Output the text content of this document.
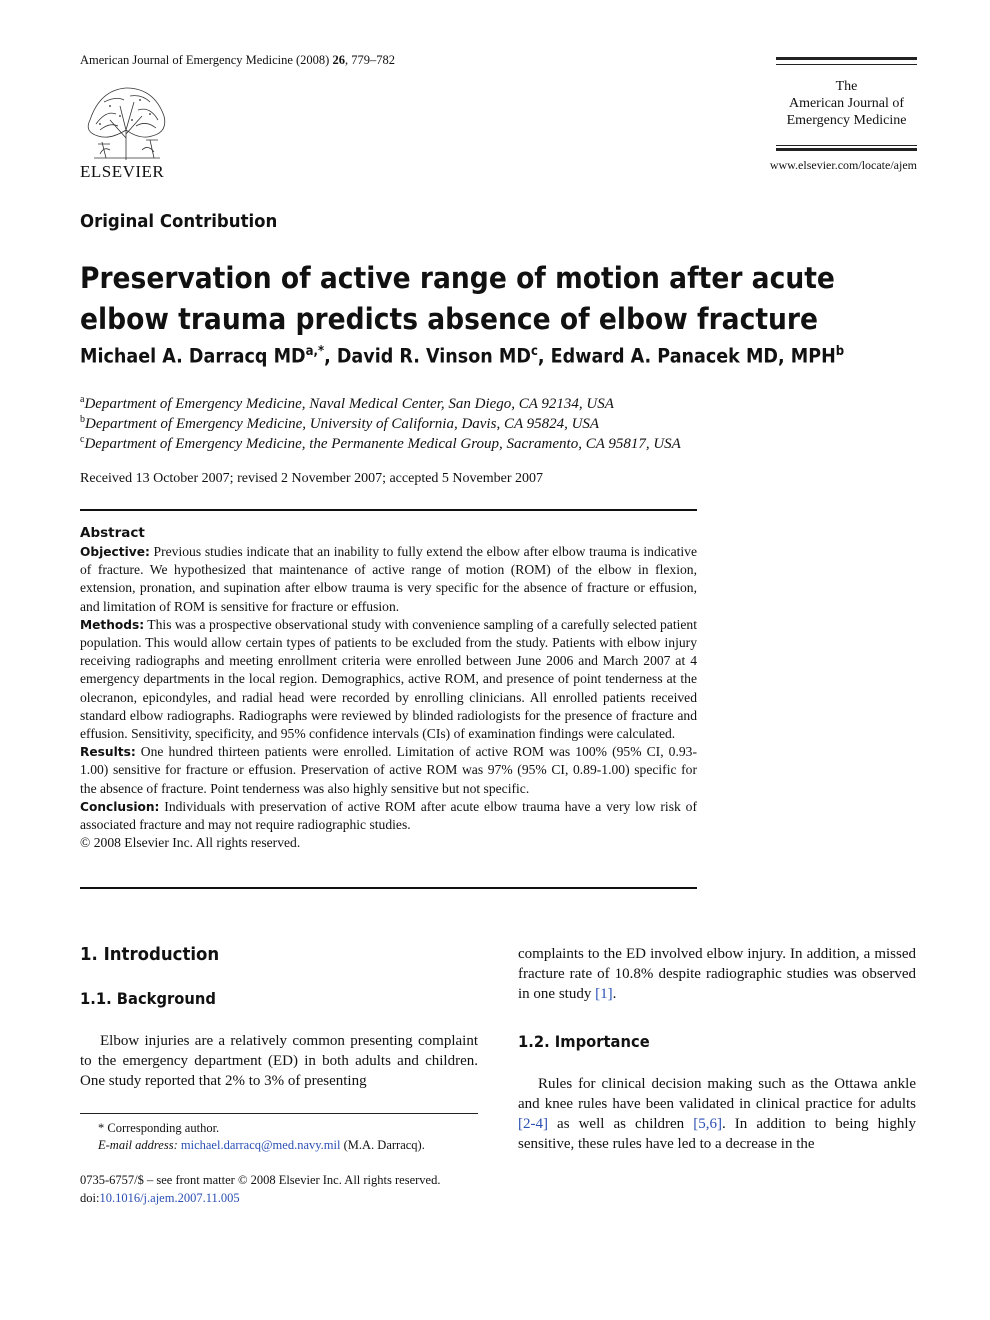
American Journal of Emergency Medicine (2008) 26, 779–782
ELSEVIER
The
American Journal of
Emergency Medicine
www.elsevier.com/locate/ajem
Original Contribution
Preservation of active range of motion after acute elbow trauma predicts absence of elbow fracture
Michael A. Darracq $MD^{a,*}$, David R. Vinson $MD^c$, Edward A. Panacek MD, MPH$^b$
$^a$Department of Emergency Medicine, Naval Medical Center, San Diego, CA 92134, USA
$^b$Department of Emergency Medicine, University of California, Davis, CA 95824, USA
$^c$Department of Emergency Medicine, the Permanente Medical Group, Sacramento, CA 95817, USA
Received 13 October 2007; revised 2 November 2007; accepted 5 November 2007
Abstract

Objective: Previous studies indicate that an inability to fully extend the elbow after elbow trauma is indicative of fracture. We hypothesized that maintenance of active range of motion (ROM) of the elbow in flexion, extension, pronation, and supination after elbow trauma is very specific for the absence of fracture or effusion, and limitation of ROM is sensitive for fracture or effusion.

Methods: This was a prospective observational study with convenience sampling of a carefully selected patient population. This would allow certain types of patients to be excluded from the study. Patients with elbow injury receiving radiographs and meeting enrollment criteria were enrolled between June 2006 and March 2007 at 4 emergency departments in the local region. Demographics, active ROM, and presence of point tenderness at the olecranon, epicondyles, and radial head were recorded by enrolling clinicians. All enrolled patients received standard elbow radiographs. Radiographs were reviewed by blinded radiologists for the presence of fracture and effusion. Sensitivity, specificity, and 95% confidence intervals (CIs) of examination findings were calculated.

Results: One hundred thirteen patients were enrolled. Limitation of active ROM was 100% (95% CI, 0.93-1.00) sensitive for fracture or effusion. Preservation of active ROM was 97% (95% CI, 0.89-1.00) specific for the absence of fracture. Point tenderness was also highly sensitive but not specific.

Conclusion: Individuals with preservation of active ROM after acute elbow trauma have a very low risk of associated fracture and may not require radiographic studies.

© 2008 Elsevier Inc. All rights reserved.

1. Introduction
1.1. Background

Elbow injuries are a relatively common presenting complaint to the emergency department (ED) in both adults and children. One study reported that 2% to 3% of presenting

* Corresponding author.
E-mail address: michael.darracq@med.navy.mil (M.A. Darracq).
0735-6757/$ – see front matter © 2008 Elsevier Inc. All rights reserved.
doi:10.1016/j.ajem.2007.11.005

complaints to the ED involved elbow injury. In addition, a missed fracture rate of 10.8% despite radiographic studies was observed in one study [1].

1.2. Importance

Rules for clinical decision making such as the Ottawa ankle and knee rules have been validated in clinical practice for adults [2-4] as well as children [5,6]. In addition to being highly sensitive, these rules have led to a decrease in the
